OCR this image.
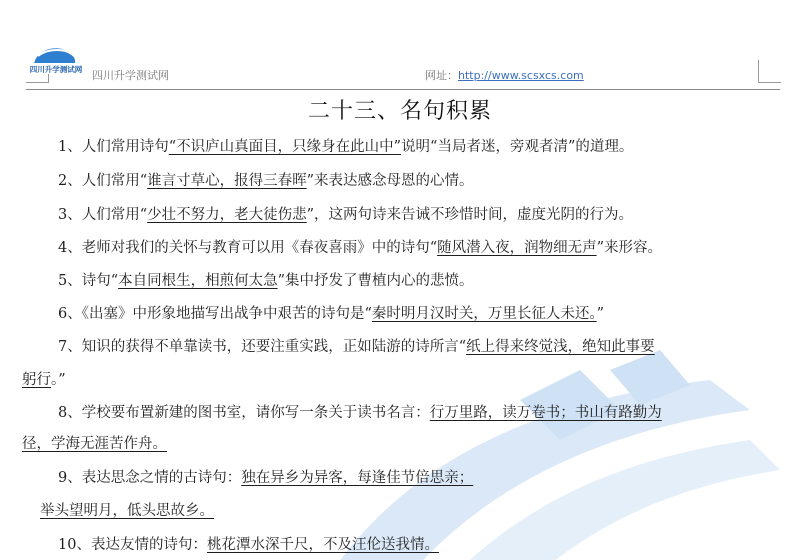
四川升学测试网 四川升学测试网	网址：http://www.scsxcs.com
二十三、名句积累
1、人们常用诗句“不识庐山真面目，只缘身在此山中”说明“当局者迷，旁观者清”的道理。
2、人们常用“谁言寸草心，报得三春晖”来表达感念母恩的心情。
3、人们常用“少壮不努力，老大徒伤悲”，这两句诗来告诫不珍惜时间，虚度光阴的行为。
4、老师对我们的关怀与教育可以用《春夜喜雨》中的诗句“随风潜入夜，润物细无声”来形容。
5、诗句“本自同根生，相煎何太急”集中抒发了曹植内心的悲愤。
6、《出塞》中形象地描写出战争中艰苦的诗句是“秦时明月汉时关，万里长征人未还。”
7、知识的获得不单靠读书，还要注重实践，正如陆游的诗所言“纸上得来终觉浅，绝知此事要
躬行。”
8、学校要布置新建的图书室，请你写一条关于读书名言：行万里路，读万卷书；书山有路勤为
径，学海无涯苦作舟。
9、表达思念之情的古诗句：独在异乡为异客，每逢佳节倍思亲；
举头望明月，低头思故乡。
10、表达友情的诗句：桃花潭水深千尺，不及汪伦送我情。
